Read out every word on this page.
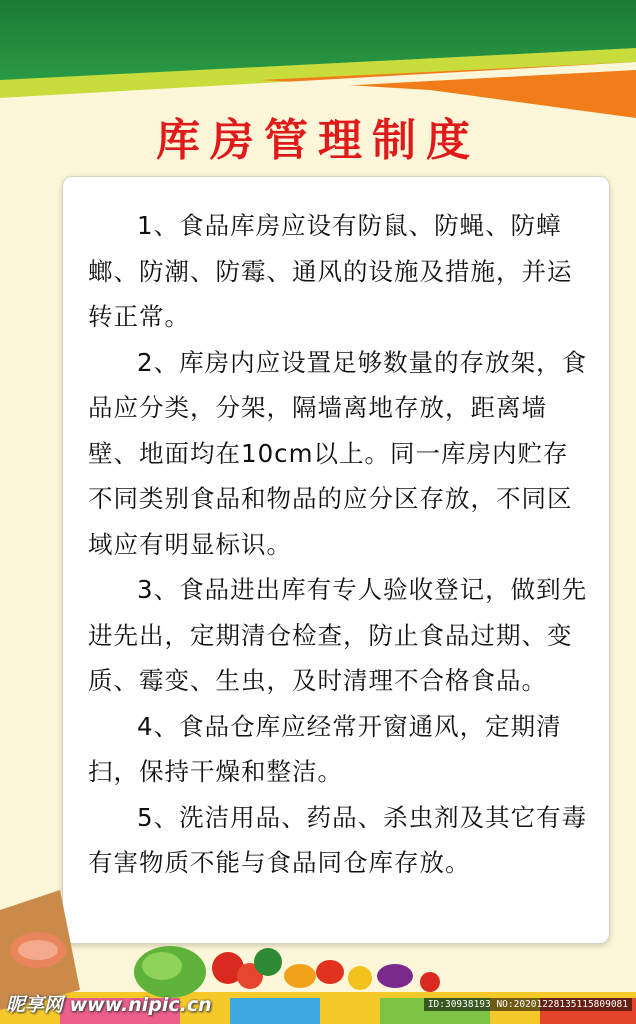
库房管理制度

1、食品库房应设有防鼠、防蝇、防蟑螂、防潮、防霉、通风的设施及措施，并运转正常。

2、库房内应设置足够数量的存放架，食品应分类，分架，隔墙离地存放，距离墙壁、地面均在10cm以上。同一库房内贮存不同类别食品和物品的应分区存放，不同区域应有明显标识。

3、食品进出库有专人验收登记，做到先进先出，定期清仓检查，防止食品过期、变质、霉变、生虫，及时清理不合格食品。

4、食品仓库应经常开窗通风，定期清扫，保持干燥和整洁。

5、洗洁用品、药品、杀虫剂及其它有毒有害物质不能与食品同仓库存放。

昵享网 www.nipic.cn	ID:30938193 NO:20201228135115809081
